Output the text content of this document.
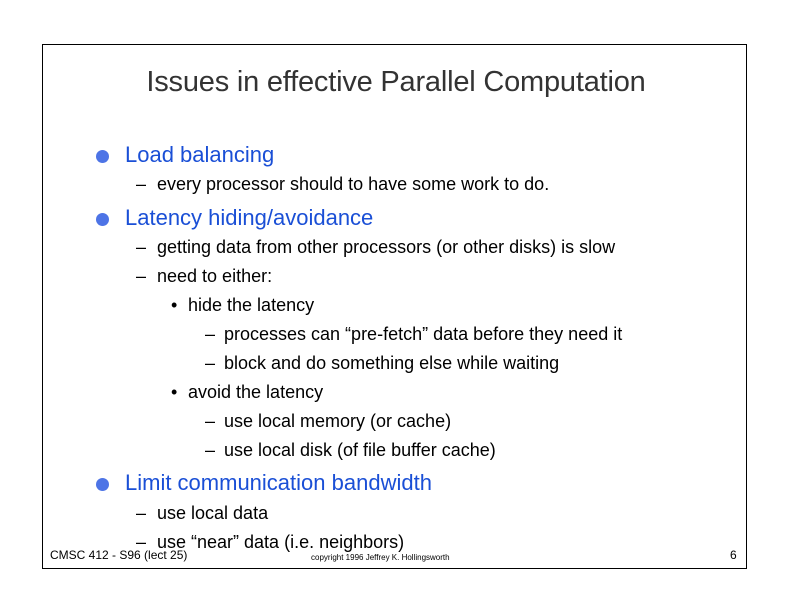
Issues in effective Parallel Computation
Load balancing
– every processor should to have some work to do.
Latency hiding/avoidance
– getting data from other processors (or other disks) is slow
– need to either:
• hide the latency
– processes can “pre-fetch” data before they need it
– block and do something else while waiting
• avoid the latency
– use local memory (or cache)
– use local disk (of file buffer cache)
Limit communication bandwidth
– use local data
– use “near” data (i.e. neighbors)
CMSC 412 - S96 (lect 25)	copyright 1996 Jeffrey K. Hollingsworth	6
